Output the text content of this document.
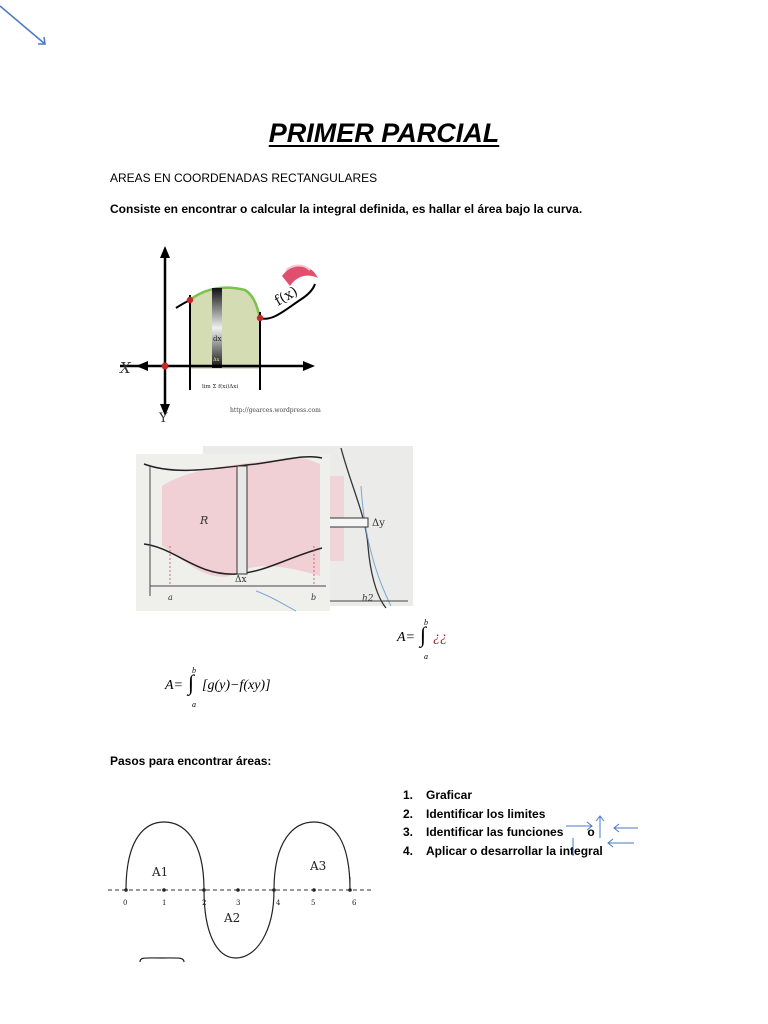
PRIMER PARCIAL
AREAS EN COORDENADAS RECTANGULARES
Consiste en encontrar o calcular la integral definida, es hallar el área bajo la curva.
dx
Δx
f(x)
X
Y
lim Σ f(xi)Δxi
http://gearces.wordpress.com
Δy
h2
R
Δx
a	b
A= ∫
b
a
¿¿
A= ∫
b
a
[g(y)−f(xy)]
Pasos para encontrar áreas:
1. Graficar
2. Identificar los limites
3. Identificar las funciones o
4. Aplicar o desarrollar la integral
0	1	2	3	4	5	6
A1
A2
A3
